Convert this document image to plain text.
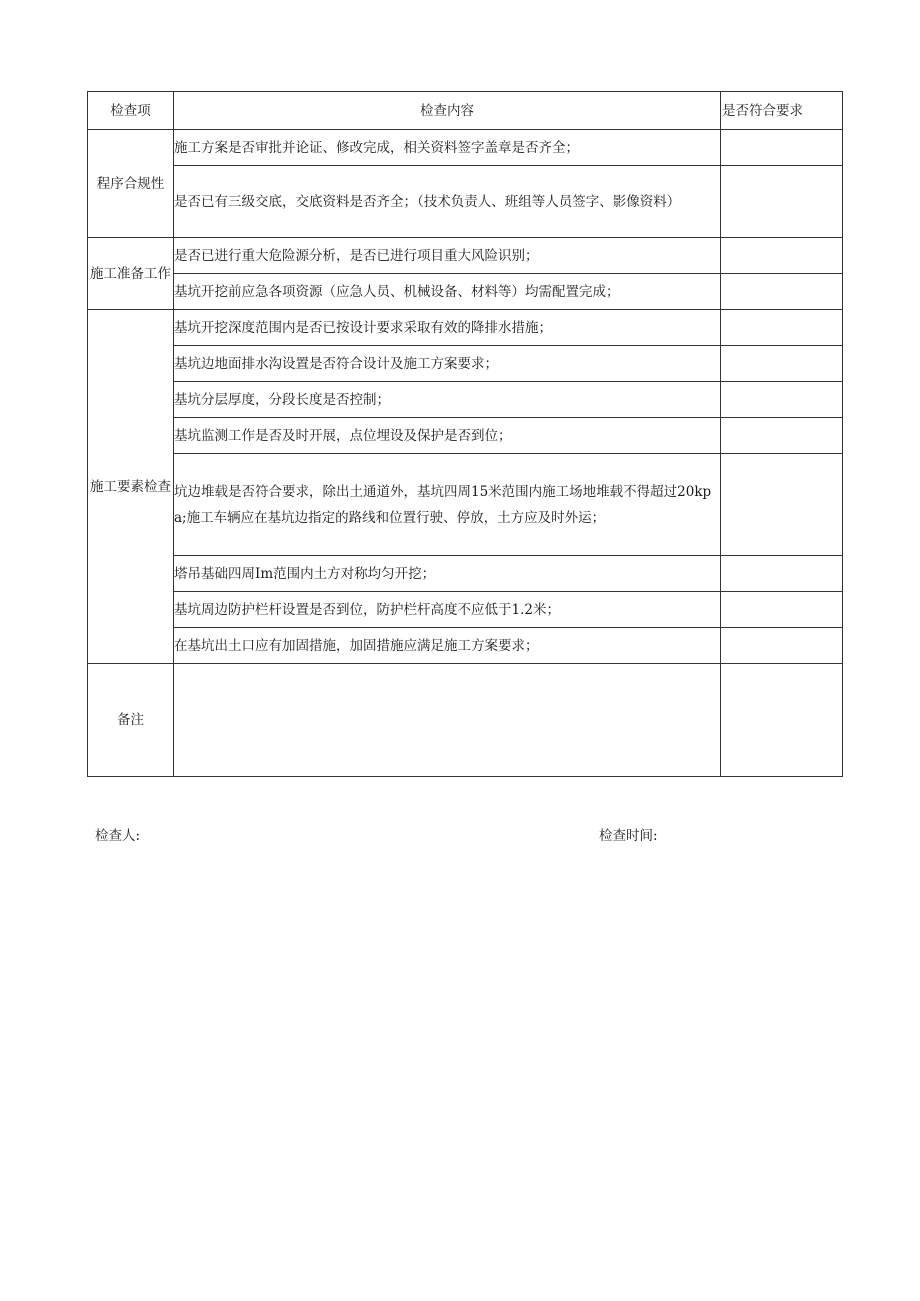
检查项	检查内容	是否符合要求
程序合规性	施工方案是否审批并论证、修改完成，相关资料签字盖章是否齐全；	
	是否已有三级交底，交底资料是否齐全；（技术负责人、班组等人员签字、影像资料）	
施工准备工作	是否已进行重大危险源分析，是否已进行项目重大风险识别；	
	基坑开挖前应急各项资源（应急人员、机械设备、材料等）均需配置完成；	
施工要素检查	基坑开挖深度范围内是否已按设计要求采取有效的降排水措施；	
	基坑边地面排水沟设置是否符合设计及施工方案要求；	
	基坑分层厚度，分段长度是否控制；	
	基坑监测工作是否及时开展，点位埋设及保护是否到位；	
	坑边堆载是否符合要求，除出土通道外，基坑四周15米范围内施工场地堆载不得超过20kpa;施工车辆应在基坑边指定的路线和位置行驶、停放，土方应及时外运；	
	塔吊基础四周Im范围内土方对称均匀开挖；	
	基坑周边防护栏杆设置是否到位，防护栏杆高度不应低于1.2米；	
	在基坑出土口应有加固措施，加固措施应满足施工方案要求；	
备注		
检查人:	检查时间:
